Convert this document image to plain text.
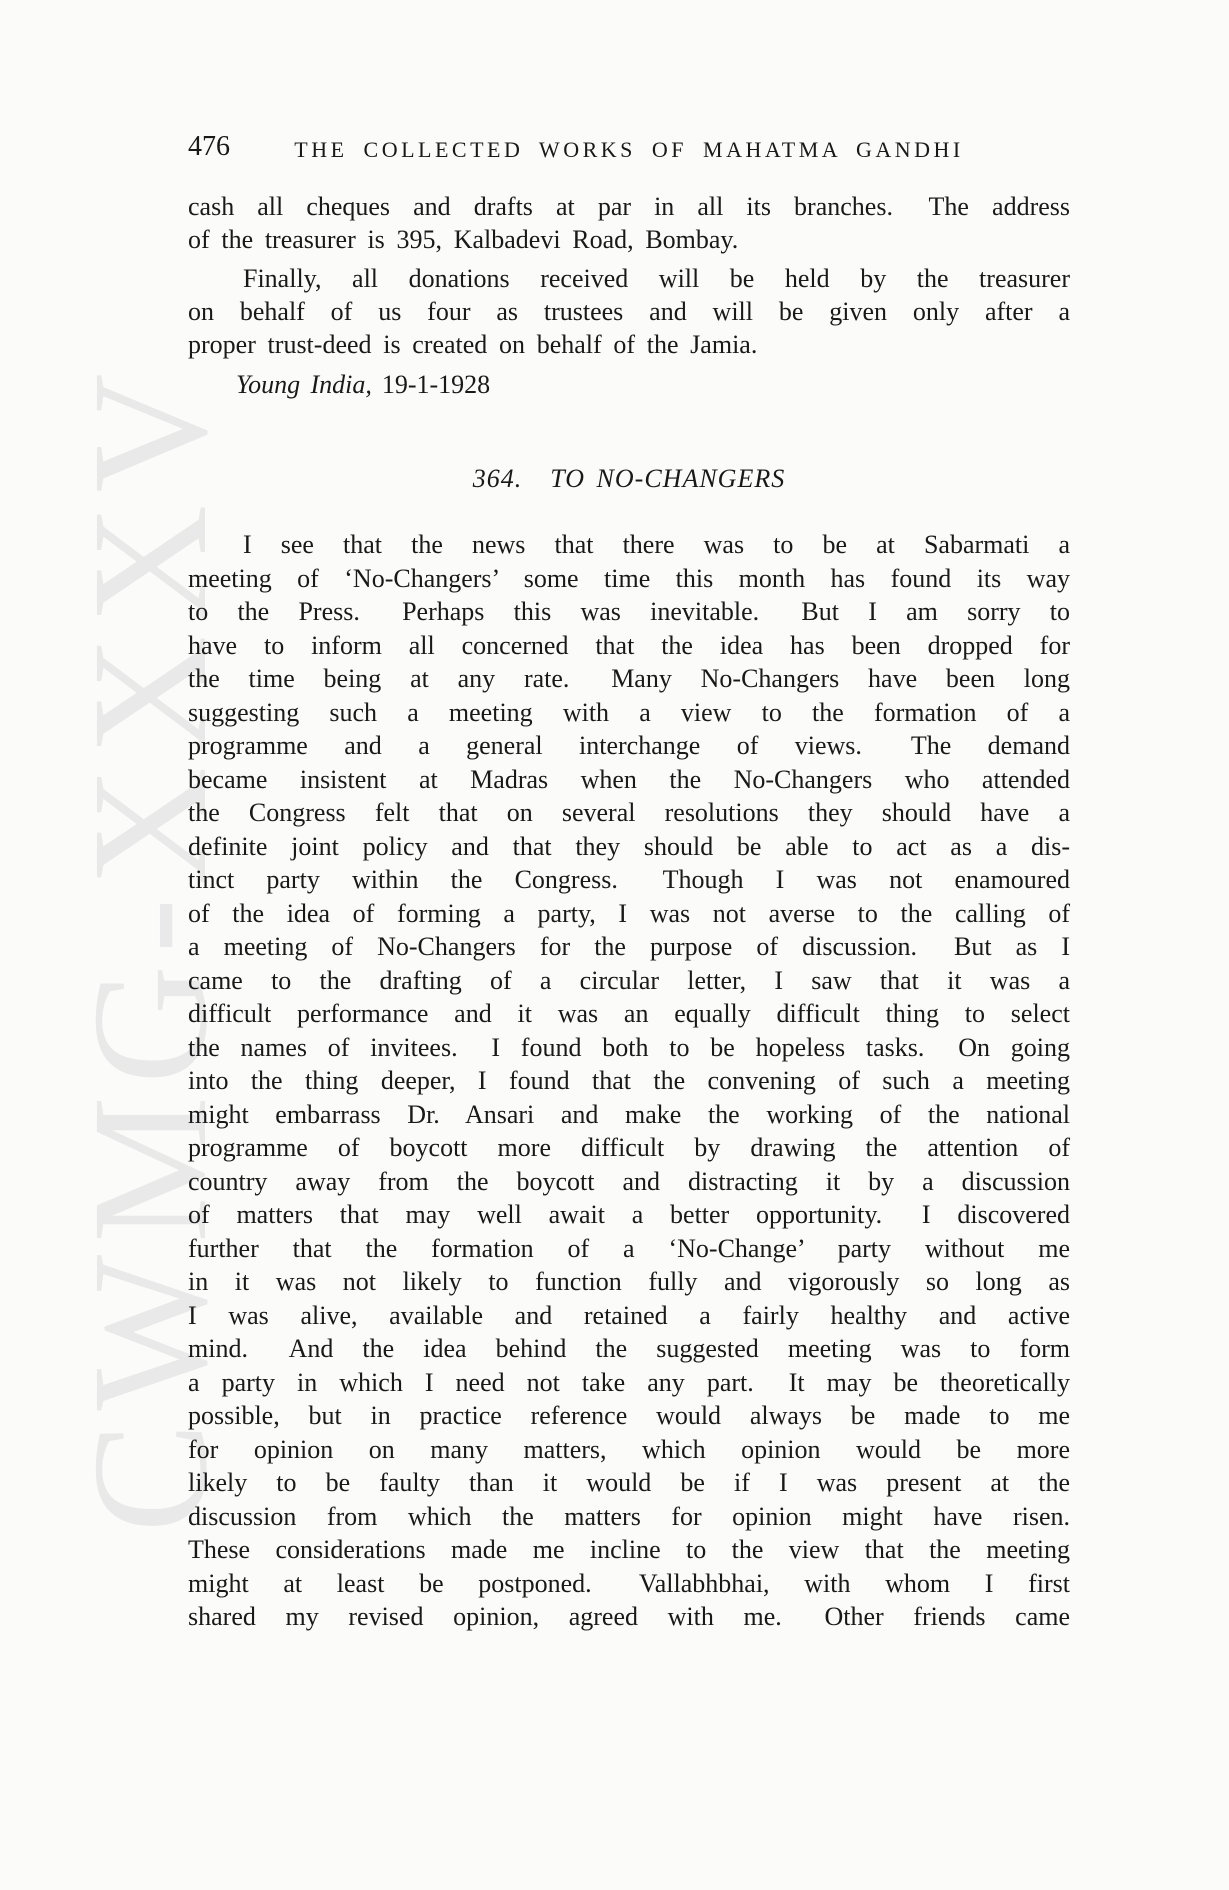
CWMG-XXXV
476	THE COLLECTED WORKS OF MAHATMA GANDHI
cash all cheques and drafts at par in all its branches.  The address
of the treasurer is 395, Kalbadevi Road, Bombay.
Finally, all donations received will be held by the treasurer
on behalf of us four as trustees and will be given only after a
proper trust-deed is created on behalf of the Jamia.
Young India, 19-1-1928
364. TO NO-CHANGERS
I see that the news that there was to be at Sabarmati a
meeting of ‘No-Changers’ some time this month has found its way
to the Press.  Perhaps this was inevitable.  But I am sorry to
have to inform all concerned that the idea has been dropped for
the time being at any rate.  Many No-Changers have been long
suggesting such a meeting with a view to the formation of a
programme and a general interchange of views.  The demand
became insistent at Madras when the No-Changers who attended
the Congress felt that on several resolutions they should have a
definite joint policy and that they should be able to act as a dis-
tinct party within the Congress.  Though I was not enamoured
of the idea of forming a party, I was not averse to the calling of
a meeting of No-Changers for the purpose of discussion.  But as I
came to the drafting of a circular letter, I saw that it was a
difficult performance and it was an equally difficult thing to select
the names of invitees.  I found both to be hopeless tasks.  On going
into the thing deeper, I found that the convening of such a meeting
might embarrass Dr. Ansari and make the working of the national
programme of boycott more difficult by drawing the attention of
country away from the boycott and distracting it by a discussion
of matters that may well await a better opportunity.  I discovered
further that the formation of a ‘No-Change’ party without me
in it was not likely to function fully and vigorously so long as
I was alive, available and retained a fairly healthy and active
mind.  And the idea behind the suggested meeting was to form
a party in which I need not take any part.  It may be theoretically
possible, but in practice reference would always be made to me
for opinion on many matters, which opinion would be more
likely to be faulty than it would be if I was present at the
discussion from which the matters for opinion might have risen.
These considerations made me incline to the view that the meeting
might at least be postponed.  Vallabhbhai, with whom I first
shared my revised opinion, agreed with me.  Other friends came
